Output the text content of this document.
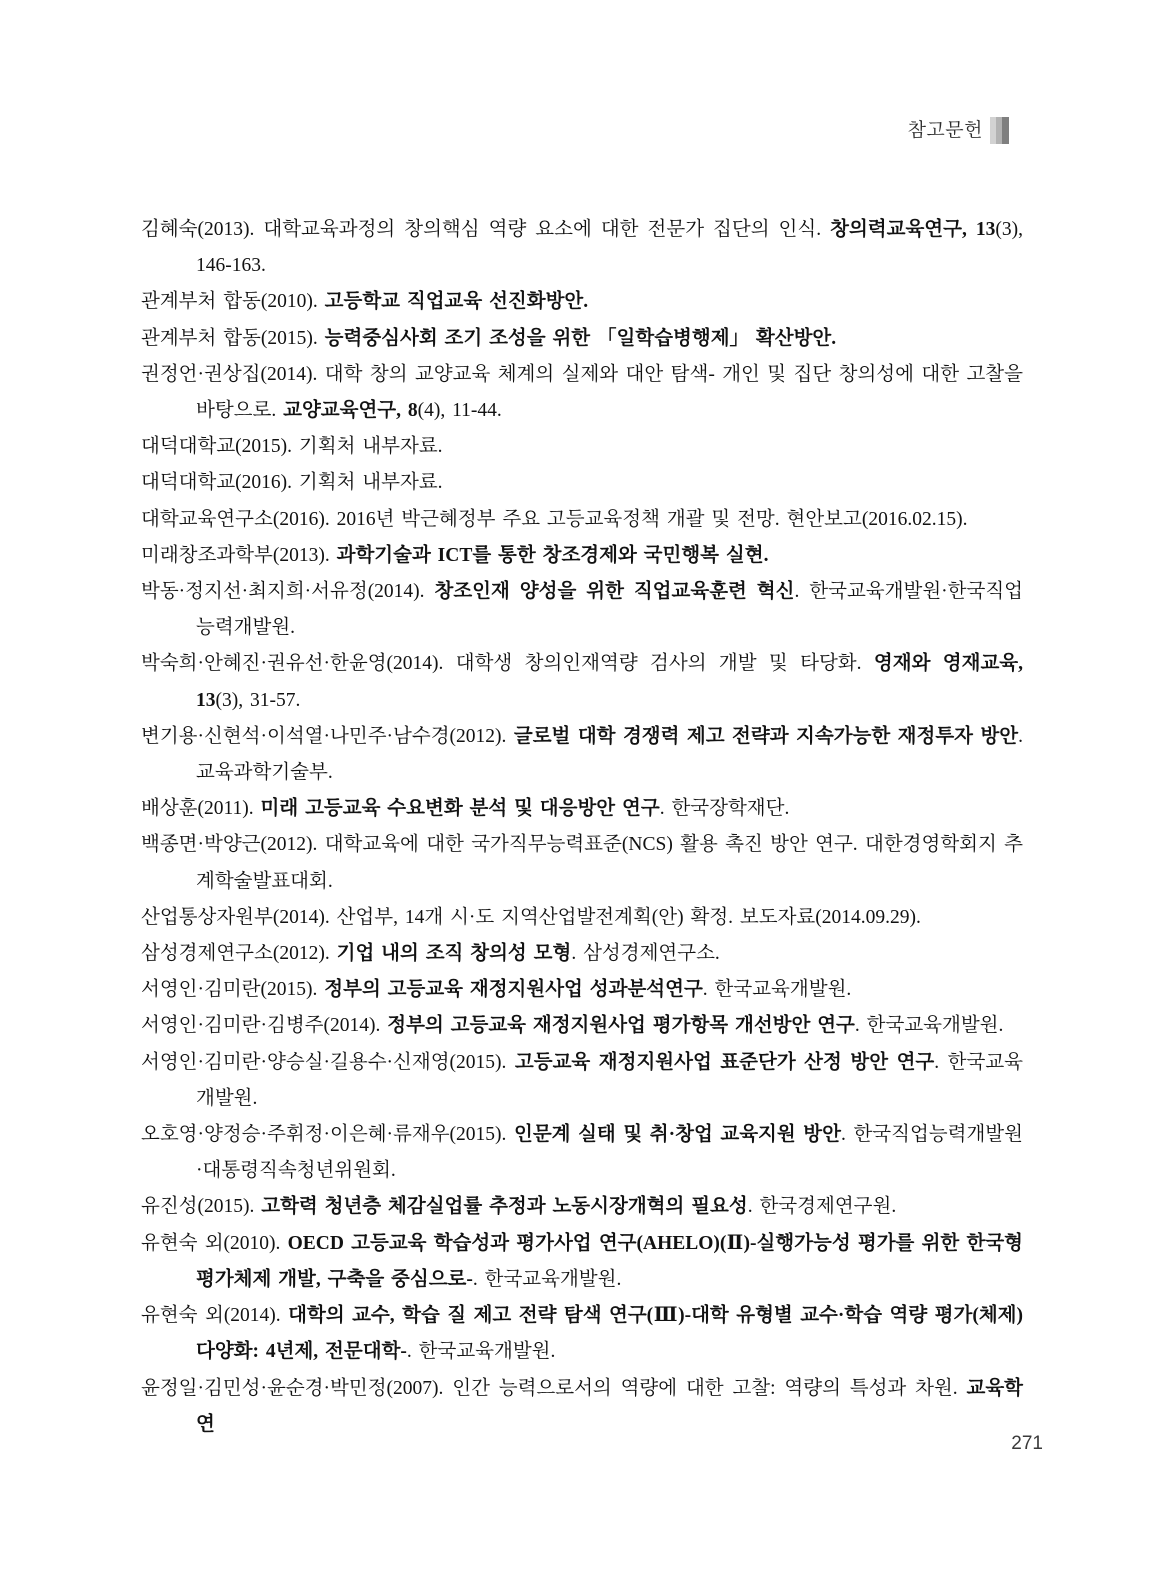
참고문헌

김혜숙(2013). 대학교육과정의 창의핵심 역량 요소에 대한 전문가 집단의 인식. 창의력교육연구, 13(3), 146-163.

관계부처 합동(2010). 고등학교 직업교육 선진화방안.

관계부처 합동(2015). 능력중심사회 조기 조성을 위한 「일학습병행제」 확산방안.

권정언·권상집(2014). 대학 창의 교양교육 체계의 실제와 대안 탐색- 개인 및 집단 창의성에 대한 고찰을 바탕으로. 교양교육연구, 8(4), 11-44.

대덕대학교(2015). 기획처 내부자료.

대덕대학교(2016). 기획처 내부자료.

대학교육연구소(2016). 2016년 박근혜정부 주요 고등교육정책 개괄 및 전망. 현안보고(2016.02.15).

미래창조과학부(2013). 과학기술과 ICT를 통한 창조경제와 국민행복 실현.

박동·정지선·최지희·서유정(2014). 창조인재 양성을 위한 직업교육훈련 혁신. 한국교육개발원·한국직업능력개발원.

박숙희·안혜진·권유선·한윤영(2014). 대학생 창의인재역량 검사의 개발 및 타당화. 영재와 영재교육, 13(3), 31-57.

변기용·신현석·이석열·나민주·남수경(2012). 글로벌 대학 경쟁력 제고 전략과 지속가능한 재정투자 방안. 교육과학기술부.

배상훈(2011). 미래 고등교육 수요변화 분석 및 대응방안 연구. 한국장학재단.

백종면·박양근(2012). 대학교육에 대한 국가직무능력표준(NCS) 활용 촉진 방안 연구. 대한경영학회지 추계학술발표대회.

산업통상자원부(2014). 산업부, 14개 시·도 지역산업발전계획(안) 확정. 보도자료(2014.09.29).

삼성경제연구소(2012). 기업 내의 조직 창의성 모형. 삼성경제연구소.

서영인·김미란(2015). 정부의 고등교육 재정지원사업 성과분석연구. 한국교육개발원.

서영인·김미란·김병주(2014). 정부의 고등교육 재정지원사업 평가항목 개선방안 연구. 한국교육개발원.

서영인·김미란·양승실·길용수·신재영(2015). 고등교육 재정지원사업 표준단가 산정 방안 연구. 한국교육개발원.

오호영·양정승·주휘정·이은혜·류재우(2015). 인문계 실태 및 취·창업 교육지원 방안. 한국직업능력개발원·대통령직속청년위원회.

유진성(2015). 고학력 청년층 체감실업률 추정과 노동시장개혁의 필요성. 한국경제연구원.

유현숙 외(2010). OECD 고등교육 학습성과 평가사업 연구(AHELO)(Ⅱ)-실행가능성 평가를 위한 한국형 평가체제 개발, 구축을 중심으로-. 한국교육개발원.

유현숙 외(2014). 대학의 교수, 학습 질 제고 전략 탐색 연구(Ⅲ)-대학 유형별 교수·학습 역량 평가(체제) 다양화: 4년제, 전문대학-. 한국교육개발원.

윤정일·김민성·윤순경·박민정(2007). 인간 능력으로서의 역량에 대한 고찰: 역량의 특성과 차원. 교육학연

271
